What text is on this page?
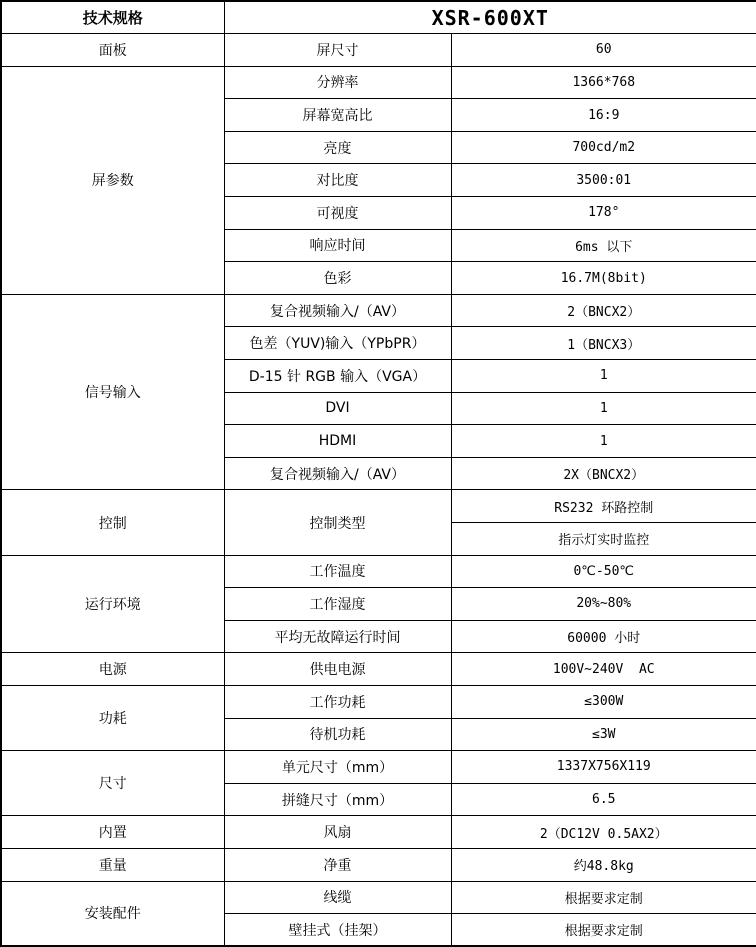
技术规格	XSR-600XT	
面板	屏尺寸	60
屏参数	分辨率	1366*768
	屏幕宽高比	16:9
	亮度	700cd/m2
	对比度	3500:01
	可视度	178°
	响应时间	6ms 以下
	色彩	16.7M(8bit)
信号输入	复合视频输入/（AV）	2（BNCX2）
	色差（YUV)输入（YPbPR）	1（BNCX3）
	D-15 针 RGB 输入（VGA）	1
	DVI	1
	HDMI	1
	复合视频输入/（AV）	2X（BNCX2）
控制	控制类型	RS232 环路控制
		指示灯实时监控
运行环境	工作温度	0℃-50℃
	工作湿度	20%~80%
	平均无故障运行时间	60000 小时
电源	供电电源	100V~240V  AC
功耗	工作功耗	≤300W
	待机功耗	≤3W
尺寸	单元尺寸（mm）	1337X756X119
	拼缝尺寸（mm）	6.5
内置	风扇	2（DC12V 0.5AX2）
重量	净重	约48.8kg
安装配件	线缆	根据要求定制
	壁挂式（挂架）	根据要求定制
